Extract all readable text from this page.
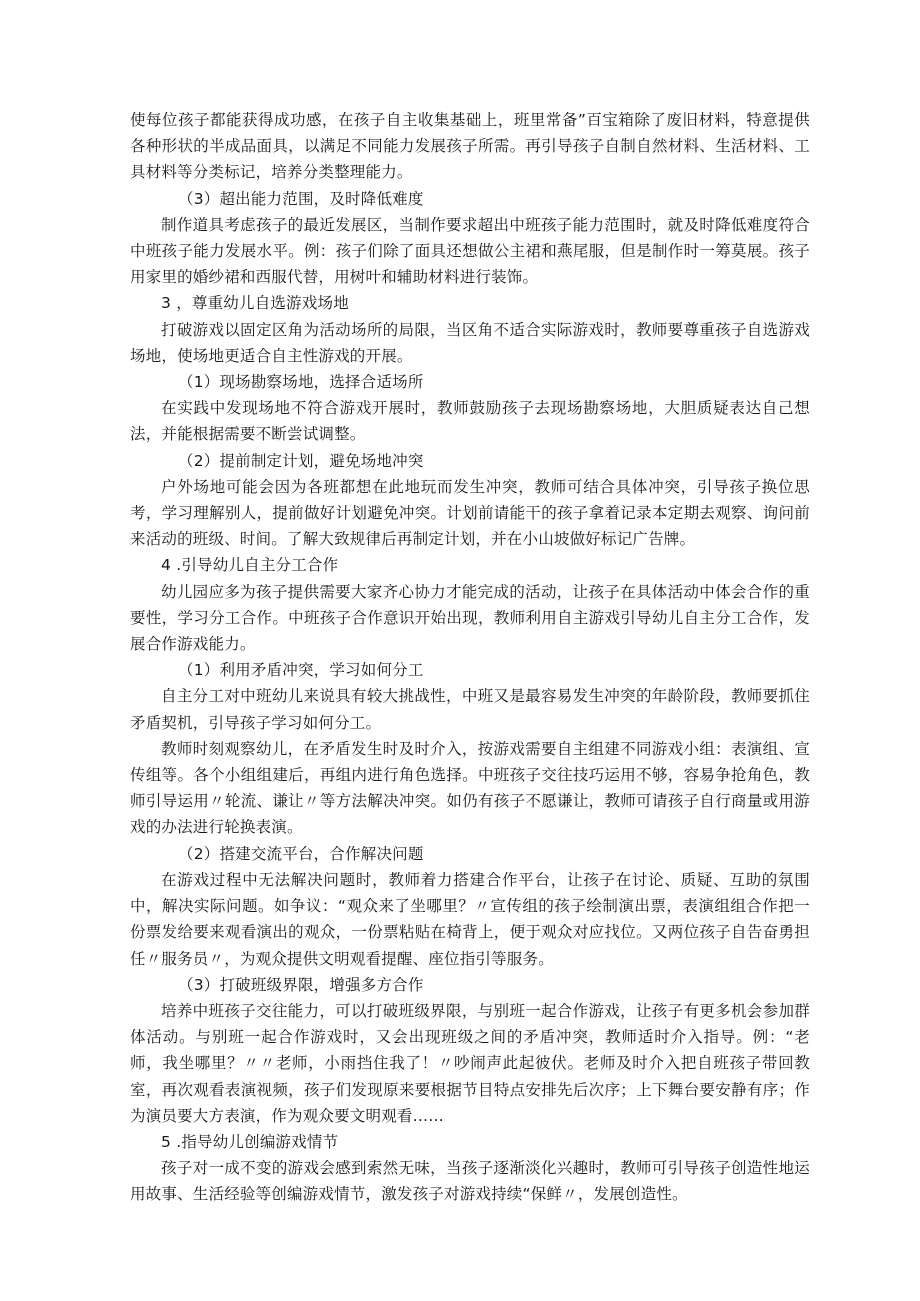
使每位孩子都能获得成功感，在孩子自主收集基础上，班里常备”百宝箱除了废旧材料，特意提供各种形状的半成品面具，以满足不同能力发展孩子所需。再引导孩子自制自然材料、生活材料、工具材料等分类标记，培养分类整理能力。

（3）超出能力范围，及时降低难度

制作道具考虑孩子的最近发展区，当制作要求超出中班孩子能力范围时，就及时降低难度符合中班孩子能力发展水平。例：孩子们除了面具还想做公主裙和燕尾服，但是制作时一筹莫展。孩子用家里的婚纱裙和西服代替，用树叶和辅助材料进行装饰。

3 ，尊重幼儿自选游戏场地

打破游戏以固定区角为活动场所的局限，当区角不适合实际游戏时，教师要尊重孩子自选游戏场地，使场地更适合自主性游戏的开展。

（1）现场勘察场地，选择合适场所

在实践中发现场地不符合游戏开展时，教师鼓励孩子去现场勘察场地，大胆质疑表达自己想法，并能根据需要不断尝试调整。

（2）提前制定计划，避免场地冲突

户外场地可能会因为各班都想在此地玩而发生冲突，教师可结合具体冲突，引导孩子换位思考，学习理解别人，提前做好计划避免冲突。计划前请能干的孩子拿着记录本定期去观察、询问前来活动的班级、时间。了解大致规律后再制定计划，并在小山坡做好标记广告牌。

4 .引导幼儿自主分工合作

幼儿园应多为孩子提供需要大家齐心协力才能完成的活动，让孩子在具体活动中体会合作的重要性，学习分工合作。中班孩子合作意识开始出现，教师利用自主游戏引导幼儿自主分工合作，发展合作游戏能力。

（1）利用矛盾冲突，学习如何分工

自主分工对中班幼儿来说具有较大挑战性，中班又是最容易发生冲突的年龄阶段，教师要抓住矛盾契机，引导孩子学习如何分工。

教师时刻观察幼儿，在矛盾发生时及时介入，按游戏需要自主组建不同游戏小组：表演组、宣传组等。各个小组组建后，再组内进行角色选择。中班孩子交往技巧运用不够，容易争抢角色，教师引导运用〃轮流、谦让〃等方法解决冲突。如仍有孩子不愿谦让，教师可请孩子自行商量或用游戏的办法进行轮换表演。

（2）搭建交流平台，合作解决问题

在游戏过程中无法解决问题时，教师着力搭建合作平台，让孩子在讨论、质疑、互助的氛围中，解决实际问题。如争议：“观众来了坐哪里？〃宣传组的孩子绘制演出票，表演组组合作把一份票发给要来观看演出的观众，一份票粘贴在椅背上，便于观众对应找位。又两位孩子自告奋勇担任〃服务员〃，为观众提供文明观看提醒、座位指引等服务。

（3）打破班级界限，增强多方合作

培养中班孩子交往能力，可以打破班级界限，与别班一起合作游戏，让孩子有更多机会参加群体活动。与别班一起合作游戏时，又会出现班级之间的矛盾冲突，教师适时介入指导。例：“老师，我坐哪里？〃〃老师，小雨挡住我了！〃吵闹声此起彼伏。老师及时介入把自班孩子带回教室，再次观看表演视频，孩子们发现原来要根据节目特点安排先后次序；上下舞台要安静有序；作为演员要大方表演，作为观众要文明观看……

5 .指导幼儿创编游戏情节

孩子对一成不变的游戏会感到索然无味，当孩子逐渐淡化兴趣时，教师可引导孩子创造性地运用故事、生活经验等创编游戏情节，激发孩子对游戏持续“保鲜〃，发展创造性。
